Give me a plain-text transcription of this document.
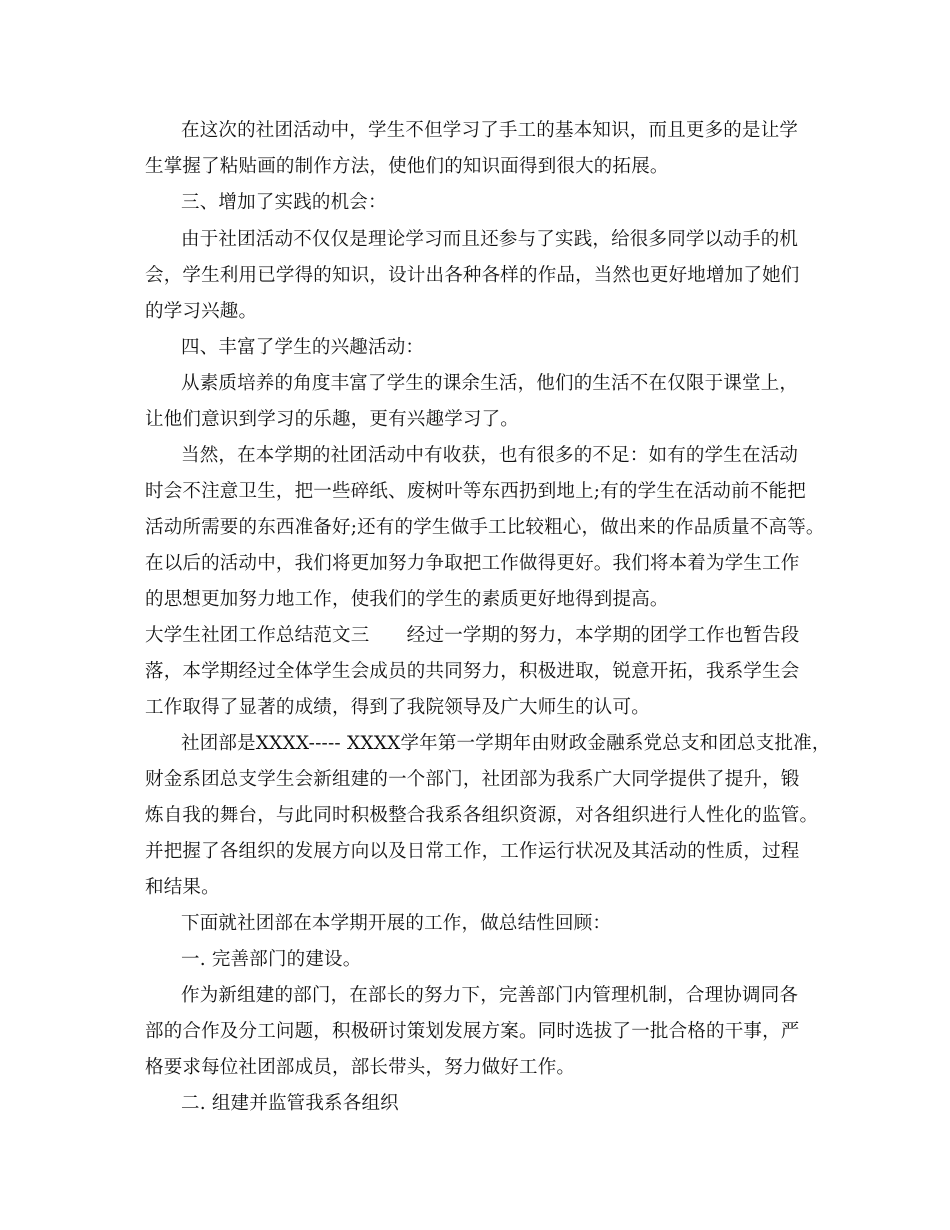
在这次的社团活动中，学生不但学习了手工的基本知识，而且更多的是让学
生掌握了粘贴画的制作方法，使他们的知识面得到很大的拓展。
三、增加了实践的机会：
由于社团活动不仅仅是理论学习而且还参与了实践，给很多同学以动手的机
会，学生利用已学得的知识，设计出各种各样的作品，当然也更好地增加了她们
的学习兴趣。
四、丰富了学生的兴趣活动：
从素质培养的角度丰富了学生的课余生活，他们的生活不在仅限于课堂上，
让他们意识到学习的乐趣，更有兴趣学习了。
当然，在本学期的社团活动中有收获，也有很多的不足：如有的学生在活动
时会不注意卫生，把一些碎纸、废树叶等东西扔到地上;有的学生在活动前不能把
活动所需要的东西准备好;还有的学生做手工比较粗心，做出来的作品质量不高等。
在以后的活动中，我们将更加努力争取把工作做得更好。我们将本着为学生工作
的思想更加努力地工作，使我们的学生的素质更好地得到提高。
大学生社团工作总结范文三　　经过一学期的努力，本学期的团学工作也暂告段
落，本学期经过全体学生会成员的共同努力，积极进取，锐意开拓，我系学生会
工作取得了显著的成绩，得到了我院领导及广大师生的认可。
社团部是XXXX----- XXXX学年第一学期年由财政金融系党总支和团总支批准，
财金系团总支学生会新组建的一个部门，社团部为我系广大同学提供了提升，锻
炼自我的舞台，与此同时积极整合我系各组织资源，对各组织进行人性化的监管。
并把握了各组织的发展方向以及日常工作，工作运行状况及其活动的性质，过程
和结果。
下面就社团部在本学期开展的工作，做总结性回顾：
一. 完善部门的建设。
作为新组建的部门，在部长的努力下，完善部门内管理机制，合理协调同各
部的合作及分工问题，积极研讨策划发展方案。同时选拔了一批合格的干事，严
格要求每位社团部成员，部长带头，努力做好工作。
二. 组建并监管我系各组织
